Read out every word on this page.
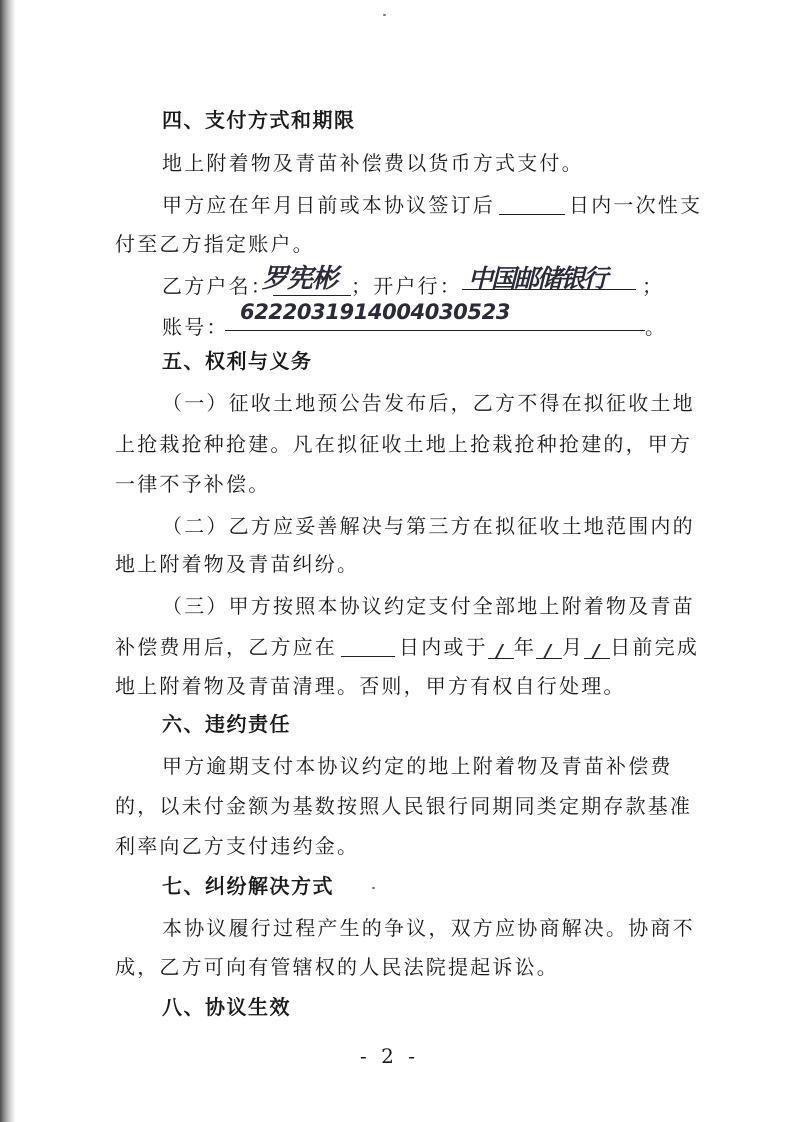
四、支付方式和期限
地上附着物及青苗补偿费以货币方式支付。
甲方应在年月日前或本协议签订后	日内一次性支
付至乙方指定账户。
乙方户名：	；开户行：
罗宪彬	中国邮储银行 ；
账号：
6222031914004030523
。
五、权利与义务
（一）征收土地预公告发布后，乙方不得在拟征收土地
上抢栽抢种抢建。凡在拟征收土地上抢栽抢种抢建的，甲方
一律不予补偿。
（二）乙方应妥善解决与第三方在拟征收土地范围内的
地上附着物及青苗纠纷。
（三）甲方按照本协议约定支付全部地上附着物及青苗
补偿费用后，乙方应在	日内或于 / 年 / 月 / 日前完成
地上附着物及青苗清理。否则，甲方有权自行处理。
六、违约责任
甲方逾期支付本协议约定的地上附着物及青苗补偿费
的，以未付金额为基数按照人民银行同期同类定期存款基准
利率向乙方支付违约金。
七、纠纷解决方式
本协议履行过程产生的争议，双方应协商解决。协商不
成，乙方可向有管辖权的人民法院提起诉讼。
八、协议生效
- 2 -
